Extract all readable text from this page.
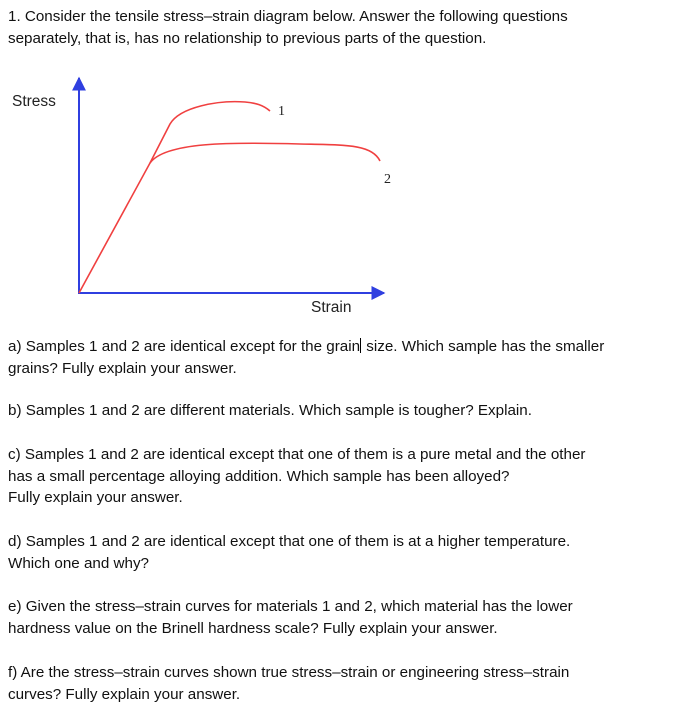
1. Consider the tensile stress–strain diagram below. Answer the following questions
separately, that is, has no relationship to previous parts of the question.
Stress
Strain
1
2
a) Samples 1 and 2 are identical except for the grain size. Which sample has the smaller
grains? Fully explain your answer.
b) Samples 1 and 2 are different materials. Which sample is tougher? Explain.
c) Samples 1 and 2 are identical except that one of them is a pure metal and the other
has a small percentage alloying addition. Which sample has been alloyed?
Fully explain your answer.
d) Samples 1 and 2 are identical except that one of them is at a higher temperature.
Which one and why?
e) Given the stress–strain curves for materials 1 and 2, which material has the lower
hardness value on the Brinell hardness scale? Fully explain your answer.
f) Are the stress–strain curves shown true stress–strain or engineering stress–strain
curves? Fully explain your answer.
